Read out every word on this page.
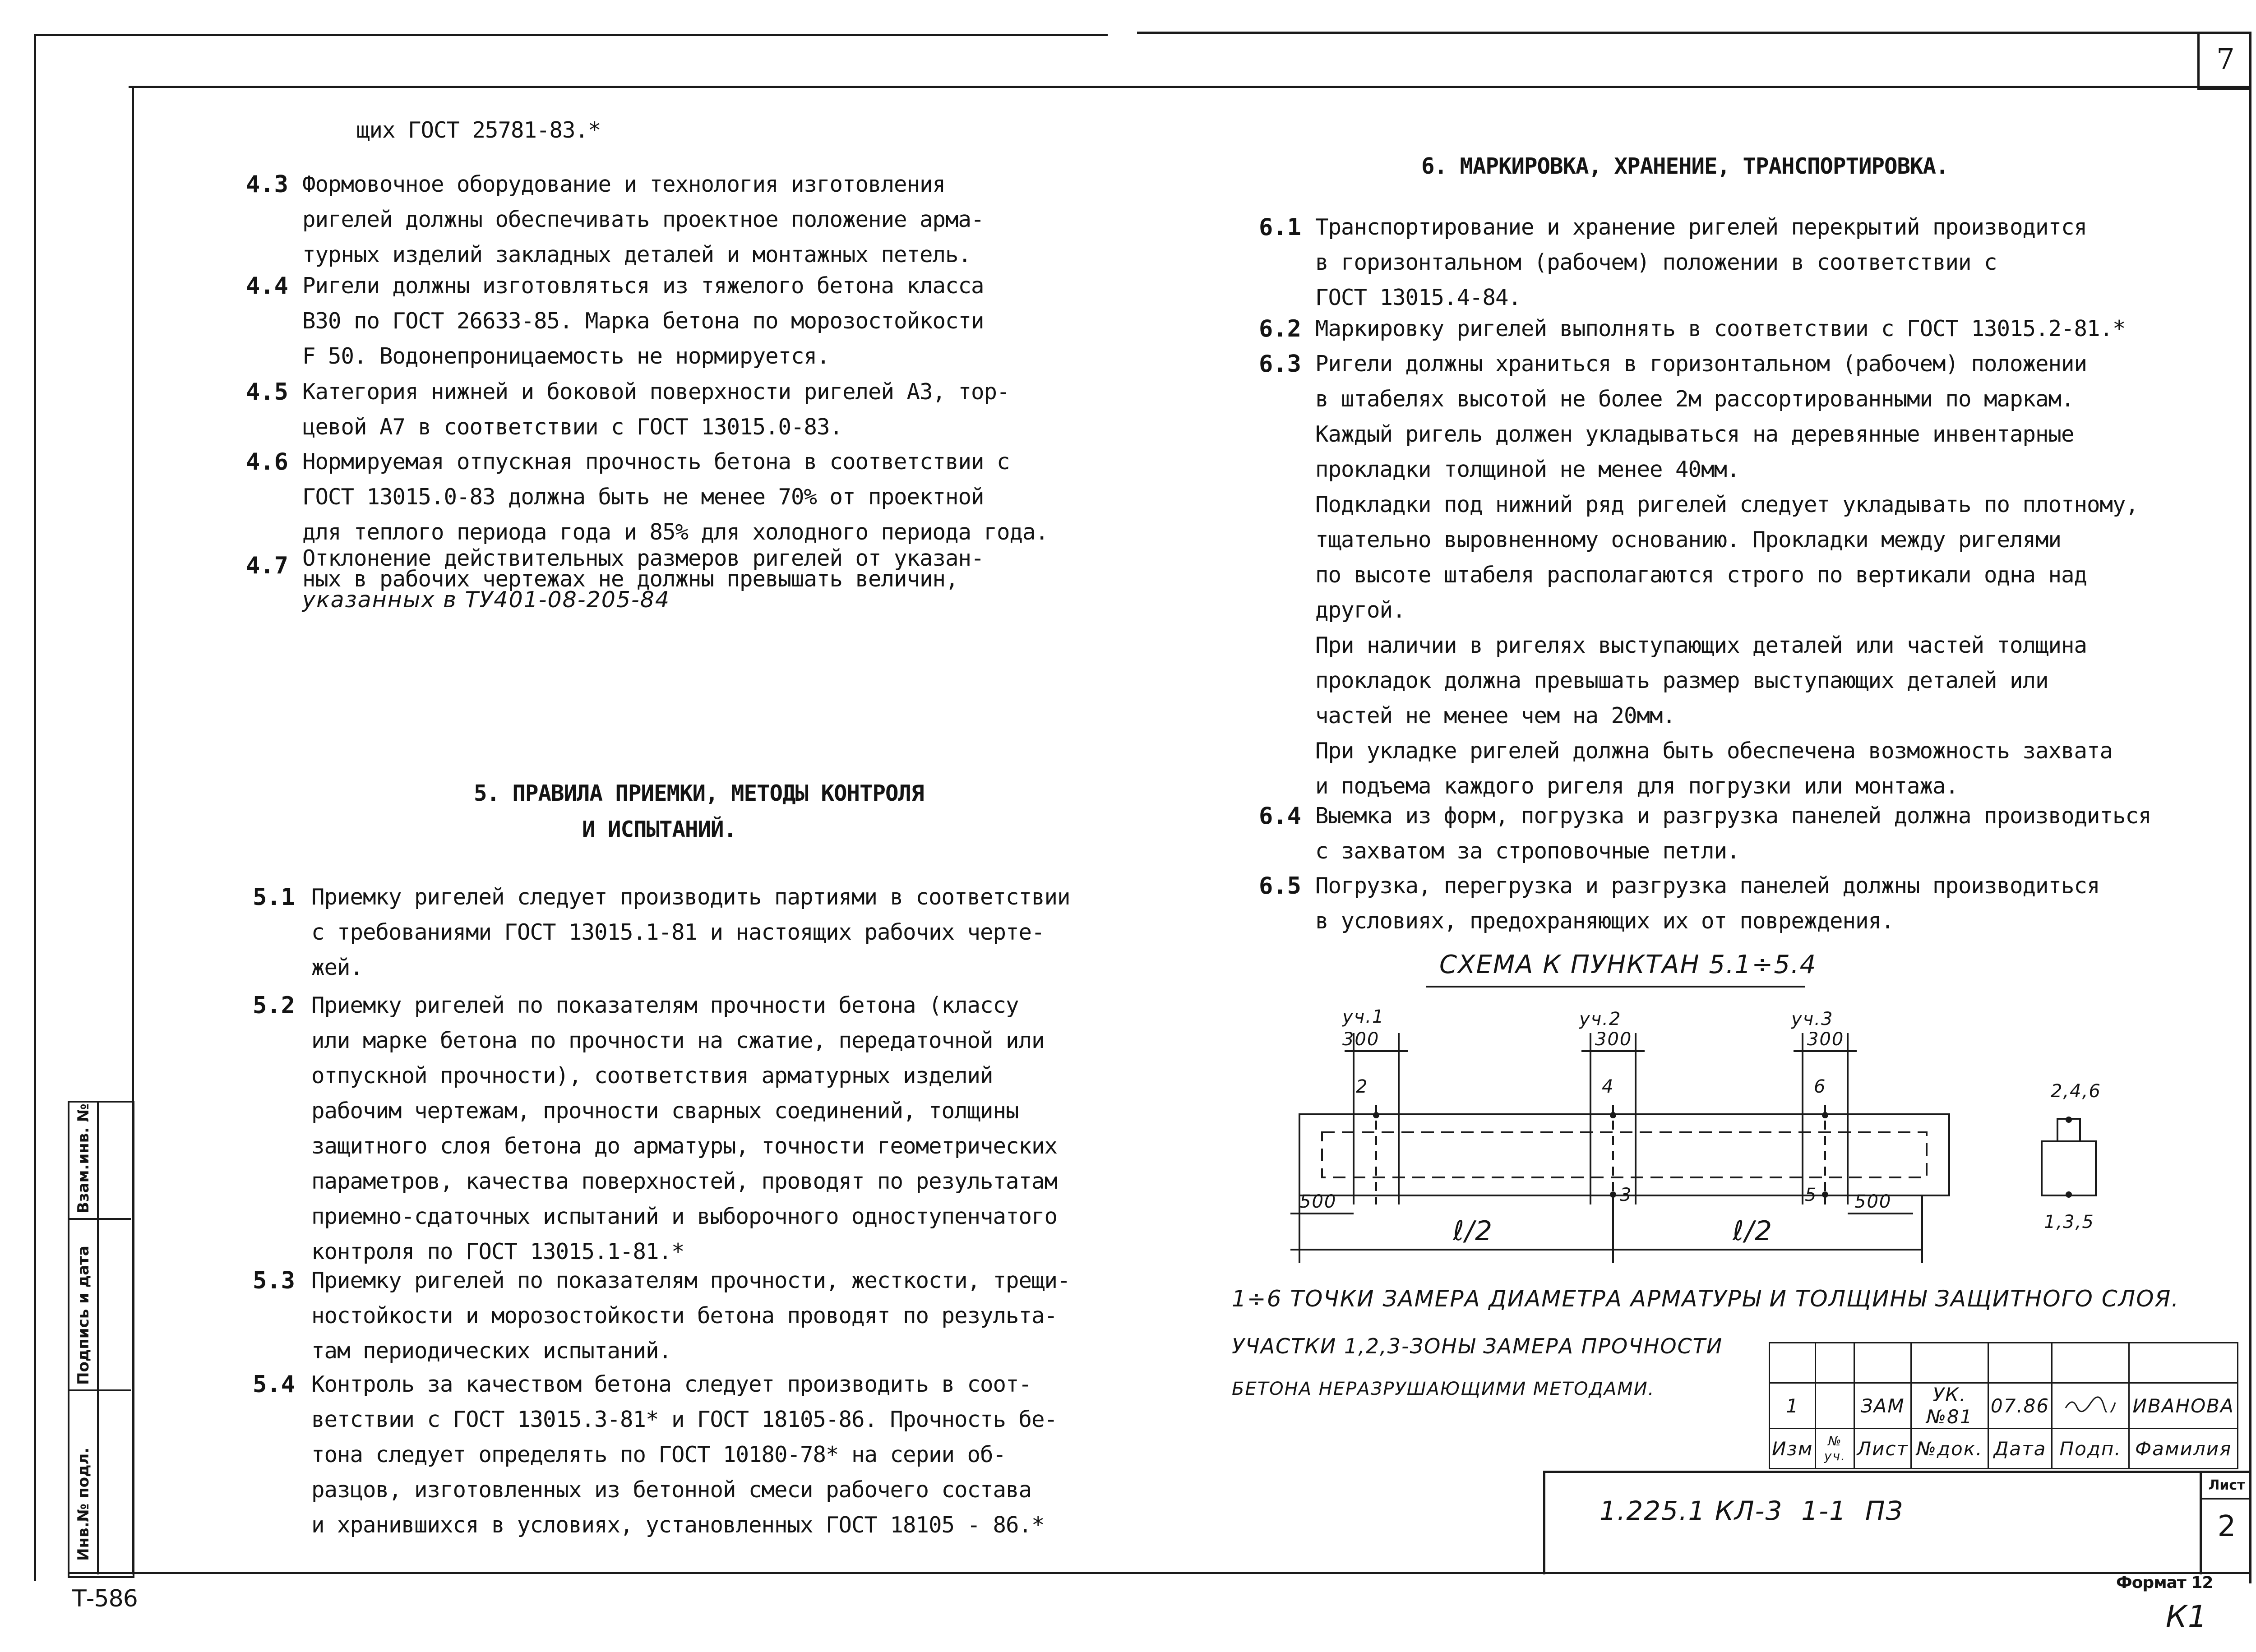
7
Инв.№ подл.
Подпись и дата
Взам.инв. №
щих ГОСТ 25781-83.*
4.3 Формовочное оборудование и технология изготовления
ригелей должны обеспечивать проектное положение арма-
турных изделий закладных деталей и монтажных петель.
4.4 Ригели должны изготовляться из тяжелого бетона класса
В30 по ГОСТ 26633-85. Марка бетона по морозостойкости
F 50. Водонепроницаемость не нормируется.
4.5 Категория нижней и боковой поверхности ригелей А3, тор-
цевой А7 в соответствии с ГОСТ 13015.0-83.
4.6 Нормируемая отпускная прочность бетона в соответствии с
ГОСТ 13015.0-83 должна быть не менее 70% от проектной
для теплого периода года и 85% для холодного периода года.
4.7 Отклонение действительных размеров ригелей от указан-
ных в рабочих чертежах не должны превышать величин,
указанных в ТУ401-08-205-84
5. ПРАВИЛА ПРИЕМКИ, МЕТОДЫ КОНТРОЛЯ
И ИСПЫТАНИЙ.
5.1 Приемку ригелей следует производить партиями в соответствии
с требованиями ГОСТ 13015.1-81 и настоящих рабочих черте-
жей.
5.2 Приемку ригелей по показателям прочности бетона (классу
или марке бетона по прочности на сжатие, передаточной или
отпускной прочности), соответствия арматурных изделий
рабочим чертежам, прочности сварных соединений, толщины
защитного слоя бетона до арматуры, точности геометрических
параметров, качества поверхностей, проводят по результатам
приемно-сдаточных испытаний и выборочного одноступенчатого
контроля по ГОСТ 13015.1-81.*
5.3 Приемку ригелей по показателям прочности, жесткости, трещи-
ностойкости и морозостойкости бетона проводят по результа-
там периодических испытаний.
5.4 Контроль за качеством бетона следует производить в соот-
ветствии с ГОСТ 13015.3-81* и ГОСТ 18105-86. Прочность бе-
тона следует определять по ГОСТ 10180-78* на серии об-
разцов, изготовленных из бетонной смеси рабочего состава
и хранившихся в условиях, установленных ГОСТ 18105 - 86.*
6. МАРКИРОВКА, ХРАНЕНИЕ, ТРАНСПОРТИРОВКА.
6.1 Транспортирование и хранение ригелей перекрытий производится
в горизонтальном (рабочем) положении в соответствии с
ГОСТ 13015.4-84.
6.2 Маркировку ригелей выполнять в соответствии с ГОСТ 13015.2-81.*
6.3 Ригели должны храниться в горизонтальном (рабочем) положении
в штабелях высотой не более 2м рассортированными по маркам.
Каждый ригель должен укладываться на деревянные инвентарные
прокладки толщиной не менее 40мм.
Подкладки под нижний ряд ригелей следует укладывать по плотному,
тщательно выровненному основанию. Прокладки между ригелями
по высоте штабеля располагаются строго по вертикали одна над
другой.
При наличии в ригелях выступающих деталей или частей толщина
прокладок должна превышать размер выступающих деталей или
частей не менее чем на 20мм.
При укладке ригелей должна быть обеспечена возможность захвата
и подъема каждого ригеля для погрузки или монтажа.
6.4 Выемка из форм, погрузка и разгрузка панелей должна производиться
с захватом за строповочные петли.
6.5 Погрузка, перегрузка и разгрузка панелей должны производиться
в условиях, предохраняющих их от повреждения.
СХЕМА К ПУНКТАН 5.1÷5.4
уч.1	уч.2	уч.3
300	300	300
2	4	6
3	5
500	500
ℓ/2	ℓ/2
2,4,6
1,3,5
1÷6 ТОЧКИ ЗАМЕРА ДИАМЕТРА АРМАТУРЫ И ТОЛЩИНЫ ЗАЩИТНОГО СЛОЯ.
УЧАСТКИ 1,2,3-ЗОНЫ ЗАМЕРА ПРОЧНОСТИ
БЕТОНА НЕРАЗРУШАЮЩИМИ МЕТОДАМИ.

1		ЗАМ	УК.№81	07.86		ИВАНОВА
Изм	№ уч.	Лист	№док.	Дата	Подп.	Фамилия
1.225.1 КЛ-3  1-1  ПЗ
Лист
2
Т-586
Формат 12
К1
